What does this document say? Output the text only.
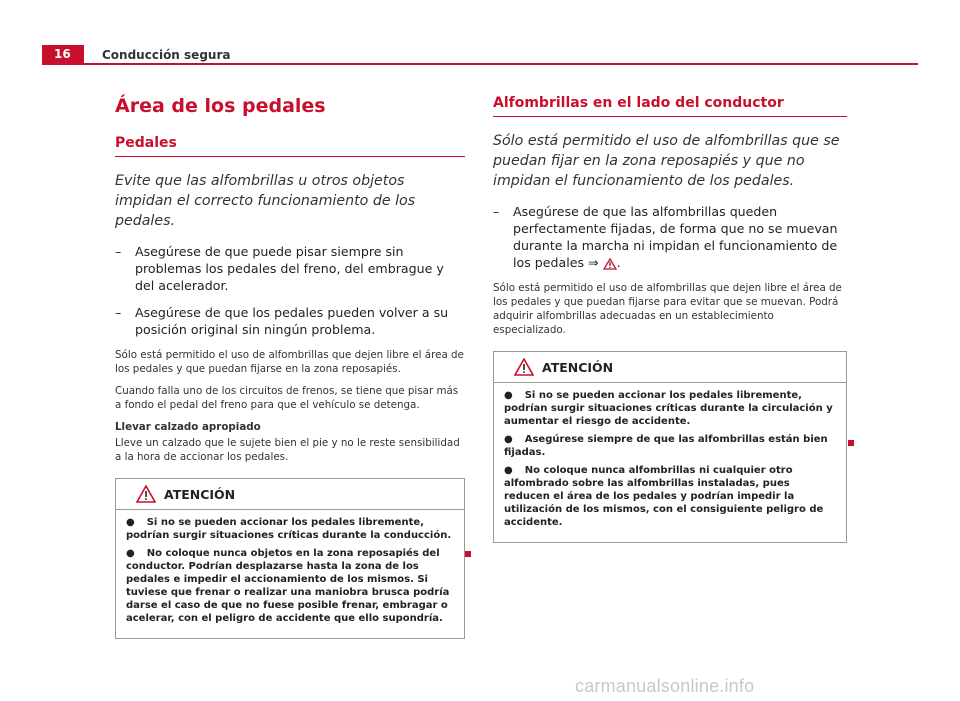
16	Conducción segura
Área de los pedales
Pedales
Evite que las alfombrillas u otros objetos impidan el correcto funcionamiento de los pedales.
– Asegúrese de que puede pisar siempre sin problemas los pedales del freno, del embrague y del acelerador.
– Asegúrese de que los pedales pueden volver a su posición original sin ningún problema.
Sólo está permitido el uso de alfombrillas que dejen libre el área de los pedales y que puedan fijarse en la zona reposapiés.
Cuando falla uno de los circuitos de frenos, se tiene que pisar más a fondo el pedal del freno para que el vehículo se detenga.
Llevar calzado apropiado
Lleve un calzado que le sujete bien el pie y no le reste sensibilidad a la hora de accionar los pedales.
ATENCIÓN
● Si no se pueden accionar los pedales libremente, podrían surgir situaciones críticas durante la conducción.
● No coloque nunca objetos en la zona reposapiés del conductor. Podrían desplazarse hasta la zona de los pedales e impedir el accionamiento de los mismos. Si tuviese que frenar o realizar una maniobra brusca podría darse el caso de que no fuese posible frenar, embragar o acelerar, con el peligro de accidente que ello supondría.
Alfombrillas en el lado del conductor
Sólo está permitido el uso de alfombrillas que se puedan fijar en la zona reposapiés y que no impidan el funcionamiento de los pedales.
– Asegúrese de que las alfombrillas queden perfectamente fijadas, de forma que no se muevan durante la marcha ni impidan el funcionamiento de los pedales ⇒ .
Sólo está permitido el uso de alfombrillas que dejen libre el área de los pedales y que puedan fijarse para evitar que se muevan. Podrá adquirir alfombrillas adecuadas en un establecimiento especializado.
ATENCIÓN
● Si no se pueden accionar los pedales libremente, podrían surgir situaciones críticas durante la circulación y aumentar el riesgo de accidente.
● Asegúrese siempre de que las alfombrillas están bien fijadas.
● No coloque nunca alfombrillas ni cualquier otro alfombrado sobre las alfombrillas instaladas, pues reducen el área de los pedales y podrían impedir la utilización de los mismos, con el consiguiente peligro de accidente.
carmanualsonline.info
